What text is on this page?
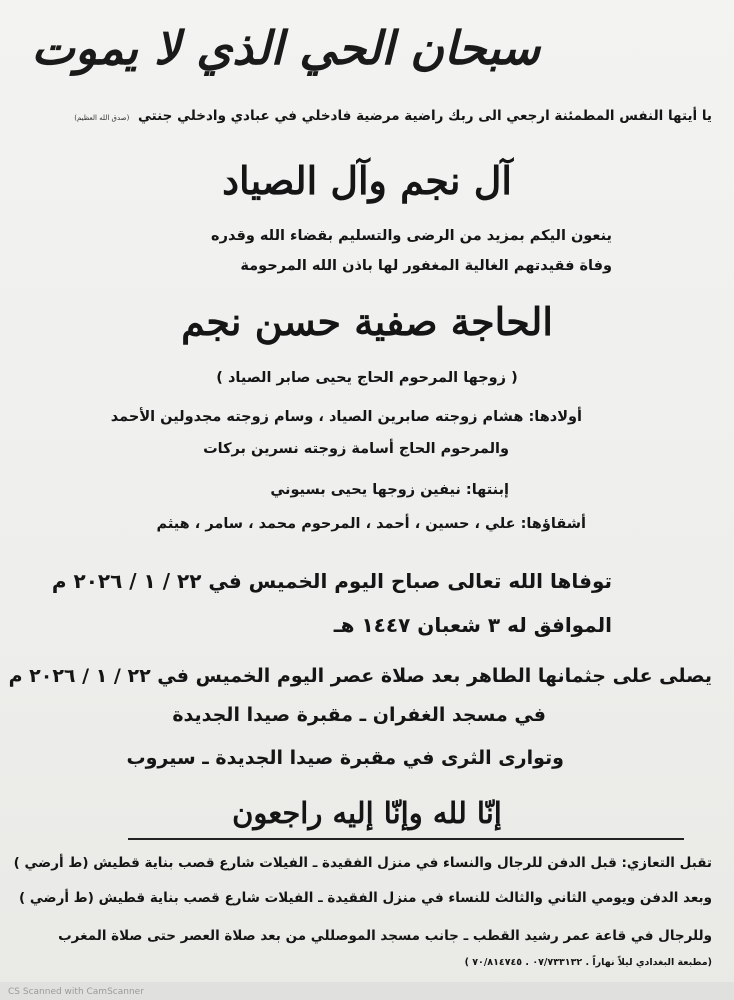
سبحان الحي الذي لا يموت
يا أيتها النفس المطمئنة ارجعي الى ربك راضية مرضية فادخلي في عبادي وادخلي جنتي (صدق الله العظيم)
آل نجم وآل الصياد
ينعون اليكم بمزيد من الرضى والتسليم بقضاء الله وقدره
وفاة فقيدتهم الغالية المغفور لها باذن الله المرحومة
الحاجة صفية حسن نجم
( زوجها المرحوم الحاج يحيى صابر الصياد )
أولادها: هشام زوجته صابرين الصياد ، وسام زوجته مجدولين الأحمد
والمرحوم الحاج أسامة زوجته نسرين بركات
إبنتها: نيفين زوجها يحيى بسيوني
أشقاؤها: علي ، حسين ، أحمد ، المرحوم محمد ، سامر ، هيثم
توفاها الله تعالى صباح اليوم الخميس في ٢٢ / ١ / ٢٠٢٦ م
الموافق له ٣ شعبان ١٤٤٧ هـ
يصلى على جثمانها الطاهر بعد صلاة عصر اليوم الخميس في ٢٢ / ١ / ٢٠٢٦ م
في مسجد الغفران ـ مقبرة صيدا الجديدة
وتوارى الثرى في مقبرة صيدا الجديدة ـ سيروب
إنّا لله وإنّا إليه راجعون
تقبل التعازي: قبل الدفن للرجال والنساء في منزل الفقيدة ـ الفيلات شارع قصب بناية قطيش (ط أرضي )
وبعد الدفن ويومي الثاني والثالث للنساء في منزل الفقيدة ـ الفيلات شارع قصب بناية قطيش (ط أرضي )
وللرجال في قاعة عمر رشيد القطب ـ جانب مسجد الموصللي من بعد صلاة العصر حتى صلاة المغرب
(مطبعة البغدادي ليلاً نهاراً . ٠٧/٧٣٣١٣٢ . ٧٠/٨١٤٧٤٥ )
CS Scanned with CamScanner
